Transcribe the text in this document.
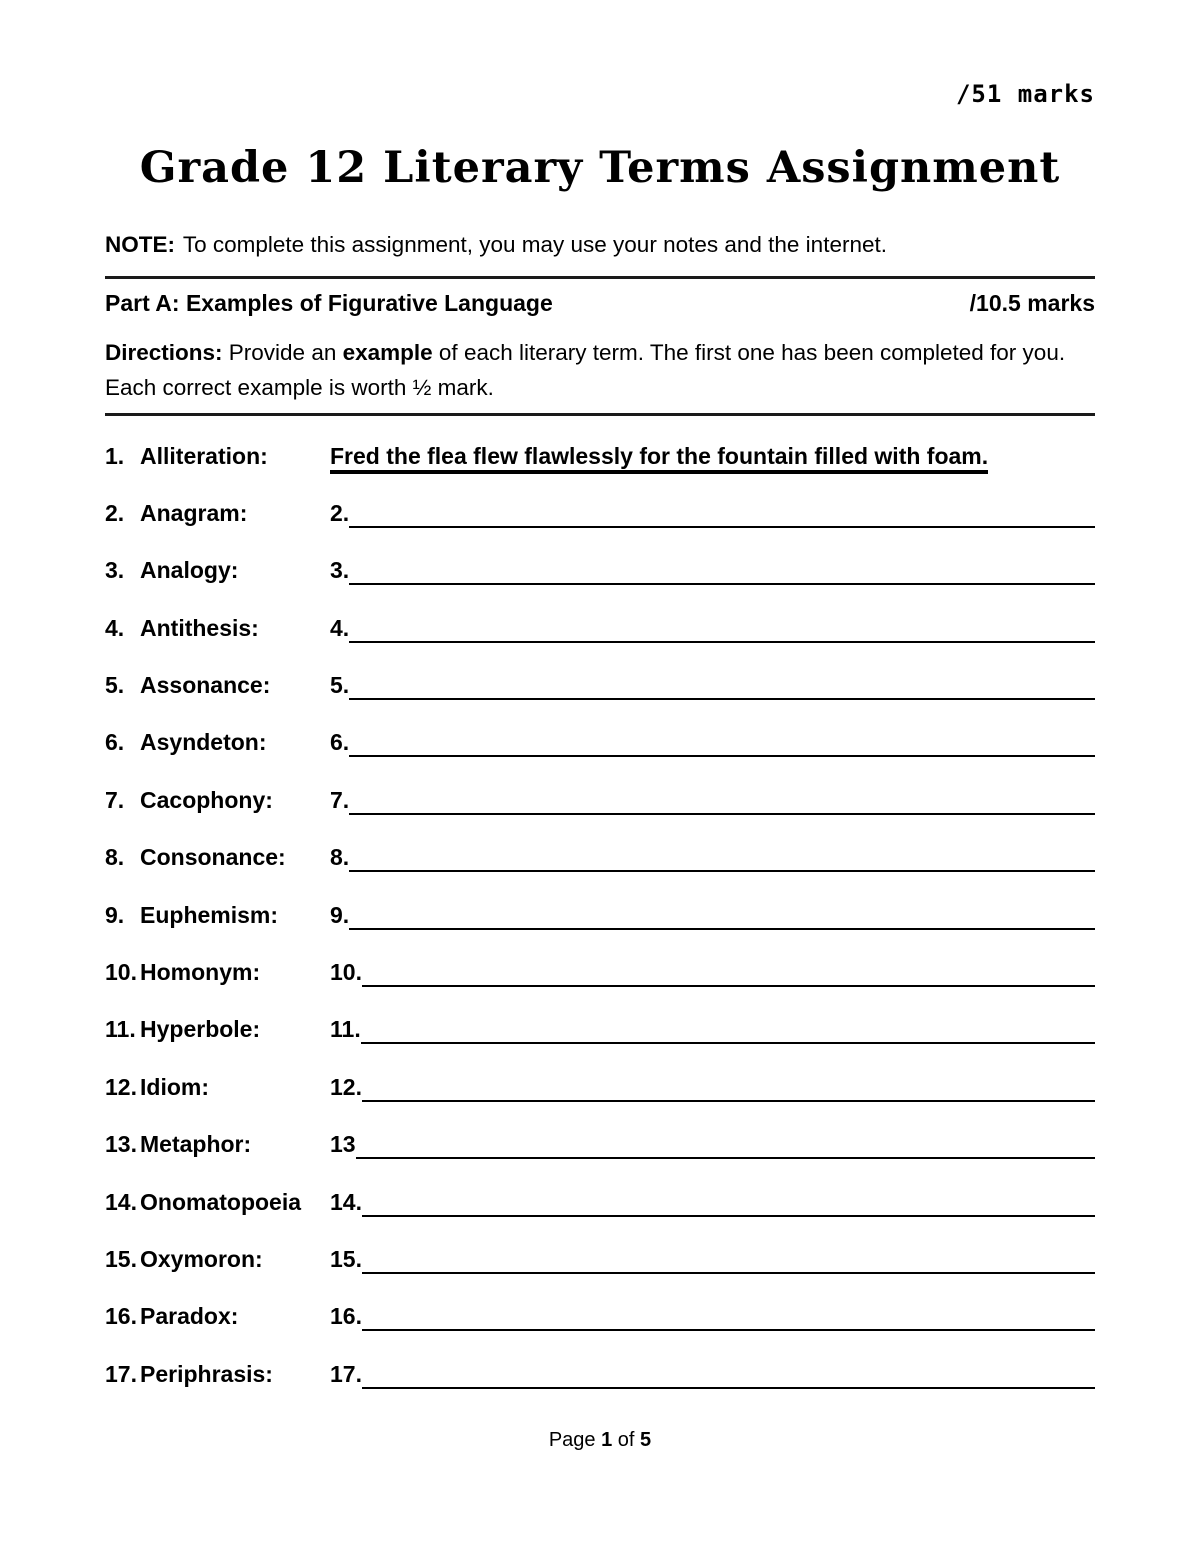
/51 marks
Grade 12 Literary Terms Assignment

NOTE: To complete this assignment, you may use your notes and the internet.

Part A: Examples of Figurative Language	/10.5 marks

Directions: Provide an example of each literary term. The first one has been completed for you. Each correct example is worth ½ mark.

1. Alliteration:	Fred the flea flew flawlessly for the fountain filled with foam.
2. Anagram:	2.
3. Analogy:	3.
4. Antithesis:	4.
5. Assonance:	5.
6. Asyndeton:	6.
7. Cacophony: 7.
8. Consonance: 8.
9. Euphemism: 9.
10. Homonym:	10.
11. Hyperbole:	11.
12. Idiom:	12.
13. Metaphor:	13
14. Onomatopoeia 14.
15. Oxymoron:	15.
16. Paradox:	16.
17. Periphrasis: 17.
Page 1 of 5
